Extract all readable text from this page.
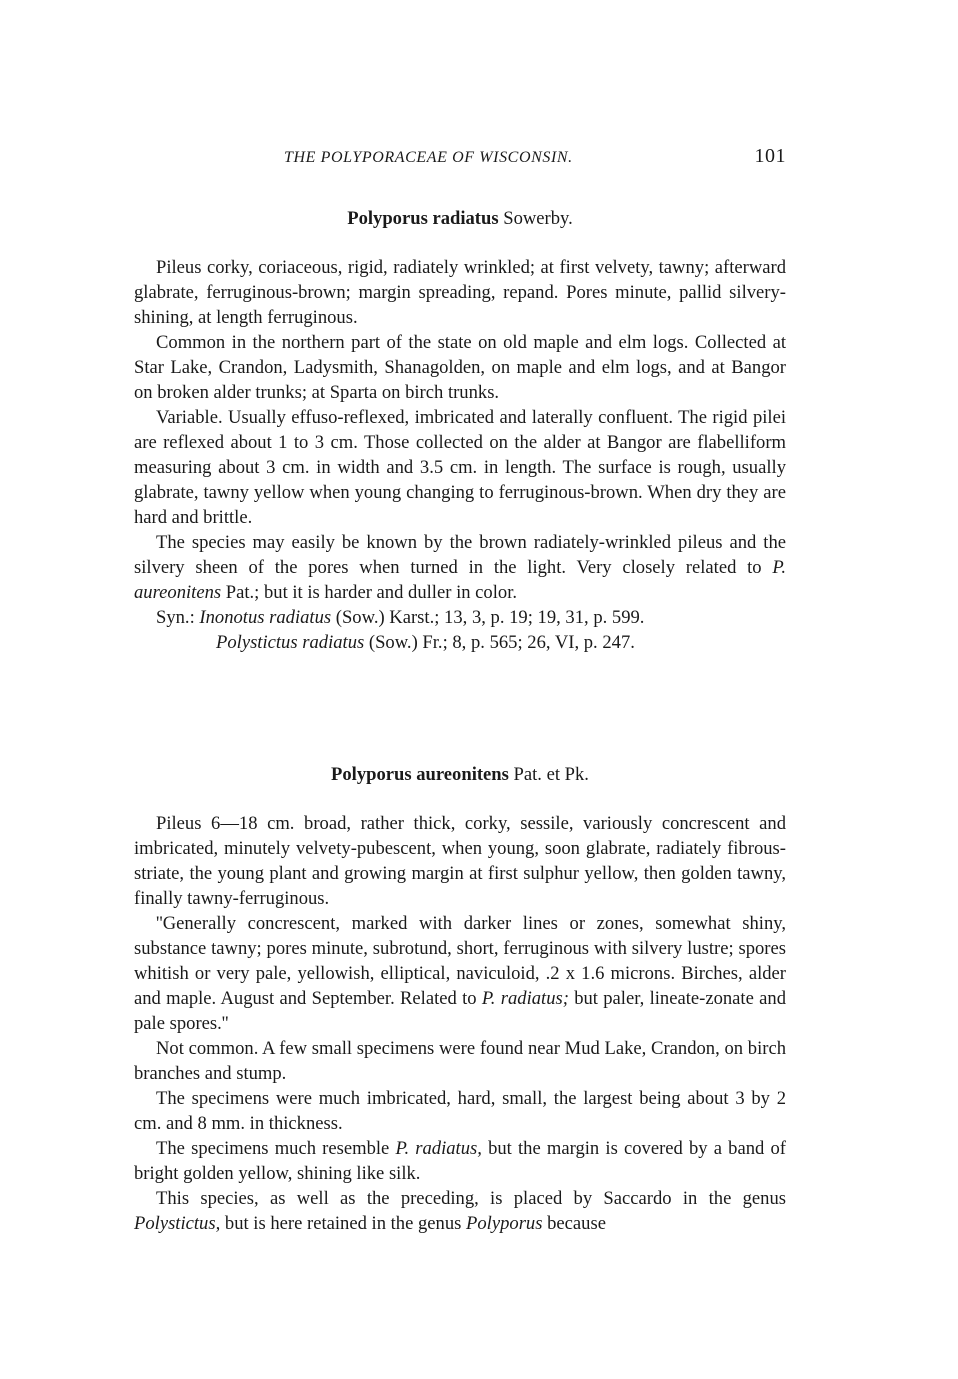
THE POLYPORACEAE OF WISCONSIN.	101
Polyporus radiatus Sowerby.

Pileus corky, coriaceous, rigid, radiately wrinkled; at first velvety, tawny; afterward glabrate, ferruginous-brown; margin spreading, repand. Pores minute, pallid silvery-shining, at length ferruginous.

Common in the northern part of the state on old maple and elm logs. Collected at Star Lake, Crandon, Ladysmith, Shanagolden, on maple and elm logs, and at Bangor on broken alder trunks; at Sparta on birch trunks.

Variable. Usually effuso-reflexed, imbricated and laterally confluent. The rigid pilei are reflexed about 1 to 3 cm. Those collected on the alder at Bangor are flabelliform measuring about 3 cm. in width and 3.5 cm. in length. The surface is rough, usually glabrate, tawny yellow when young changing to ferruginous-brown. When dry they are hard and brittle.

The species may easily be known by the brown radiately-wrinkled pileus and the silvery sheen of the pores when turned in the light. Very closely related to P. aureonitens Pat.; but it is harder and duller in color.

Syn.: Inonotus radiatus (Sow.) Karst.; 13, 3, p. 19; 19, 31, p. 599.

Polystictus radiatus (Sow.) Fr.; 8, p. 565; 26, VI, p. 247.

Polyporus aureonitens Pat. et Pk.

Pileus 6—18 cm. broad, rather thick, corky, sessile, variously concrescent and imbricated, minutely velvety-pubescent, when young, soon glabrate, radiately fibrous-striate, the young plant and growing margin at first sulphur yellow, then golden tawny, finally tawny-ferruginous.

''Generally concrescent, marked with darker lines or zones, somewhat shiny, substance tawny; pores minute, subrotund, short, ferruginous with silvery lustre; spores whitish or very pale, yellowish, elliptical, naviculoid, .2 x 1.6 microns. Birches, alder and maple. August and September. Related to P. radiatus; but paler, lineate-zonate and pale spores.''

Not common. A few small specimens were found near Mud Lake, Crandon, on birch branches and stump.

The specimens were much imbricated, hard, small, the largest being about 3 by 2 cm. and 8 mm. in thickness.

The specimens much resemble P. radiatus, but the margin is covered by a band of bright golden yellow, shining like silk.

This species, as well as the preceding, is placed by Saccardo in the genus Polystictus, but is here retained in the genus Polyporus because
